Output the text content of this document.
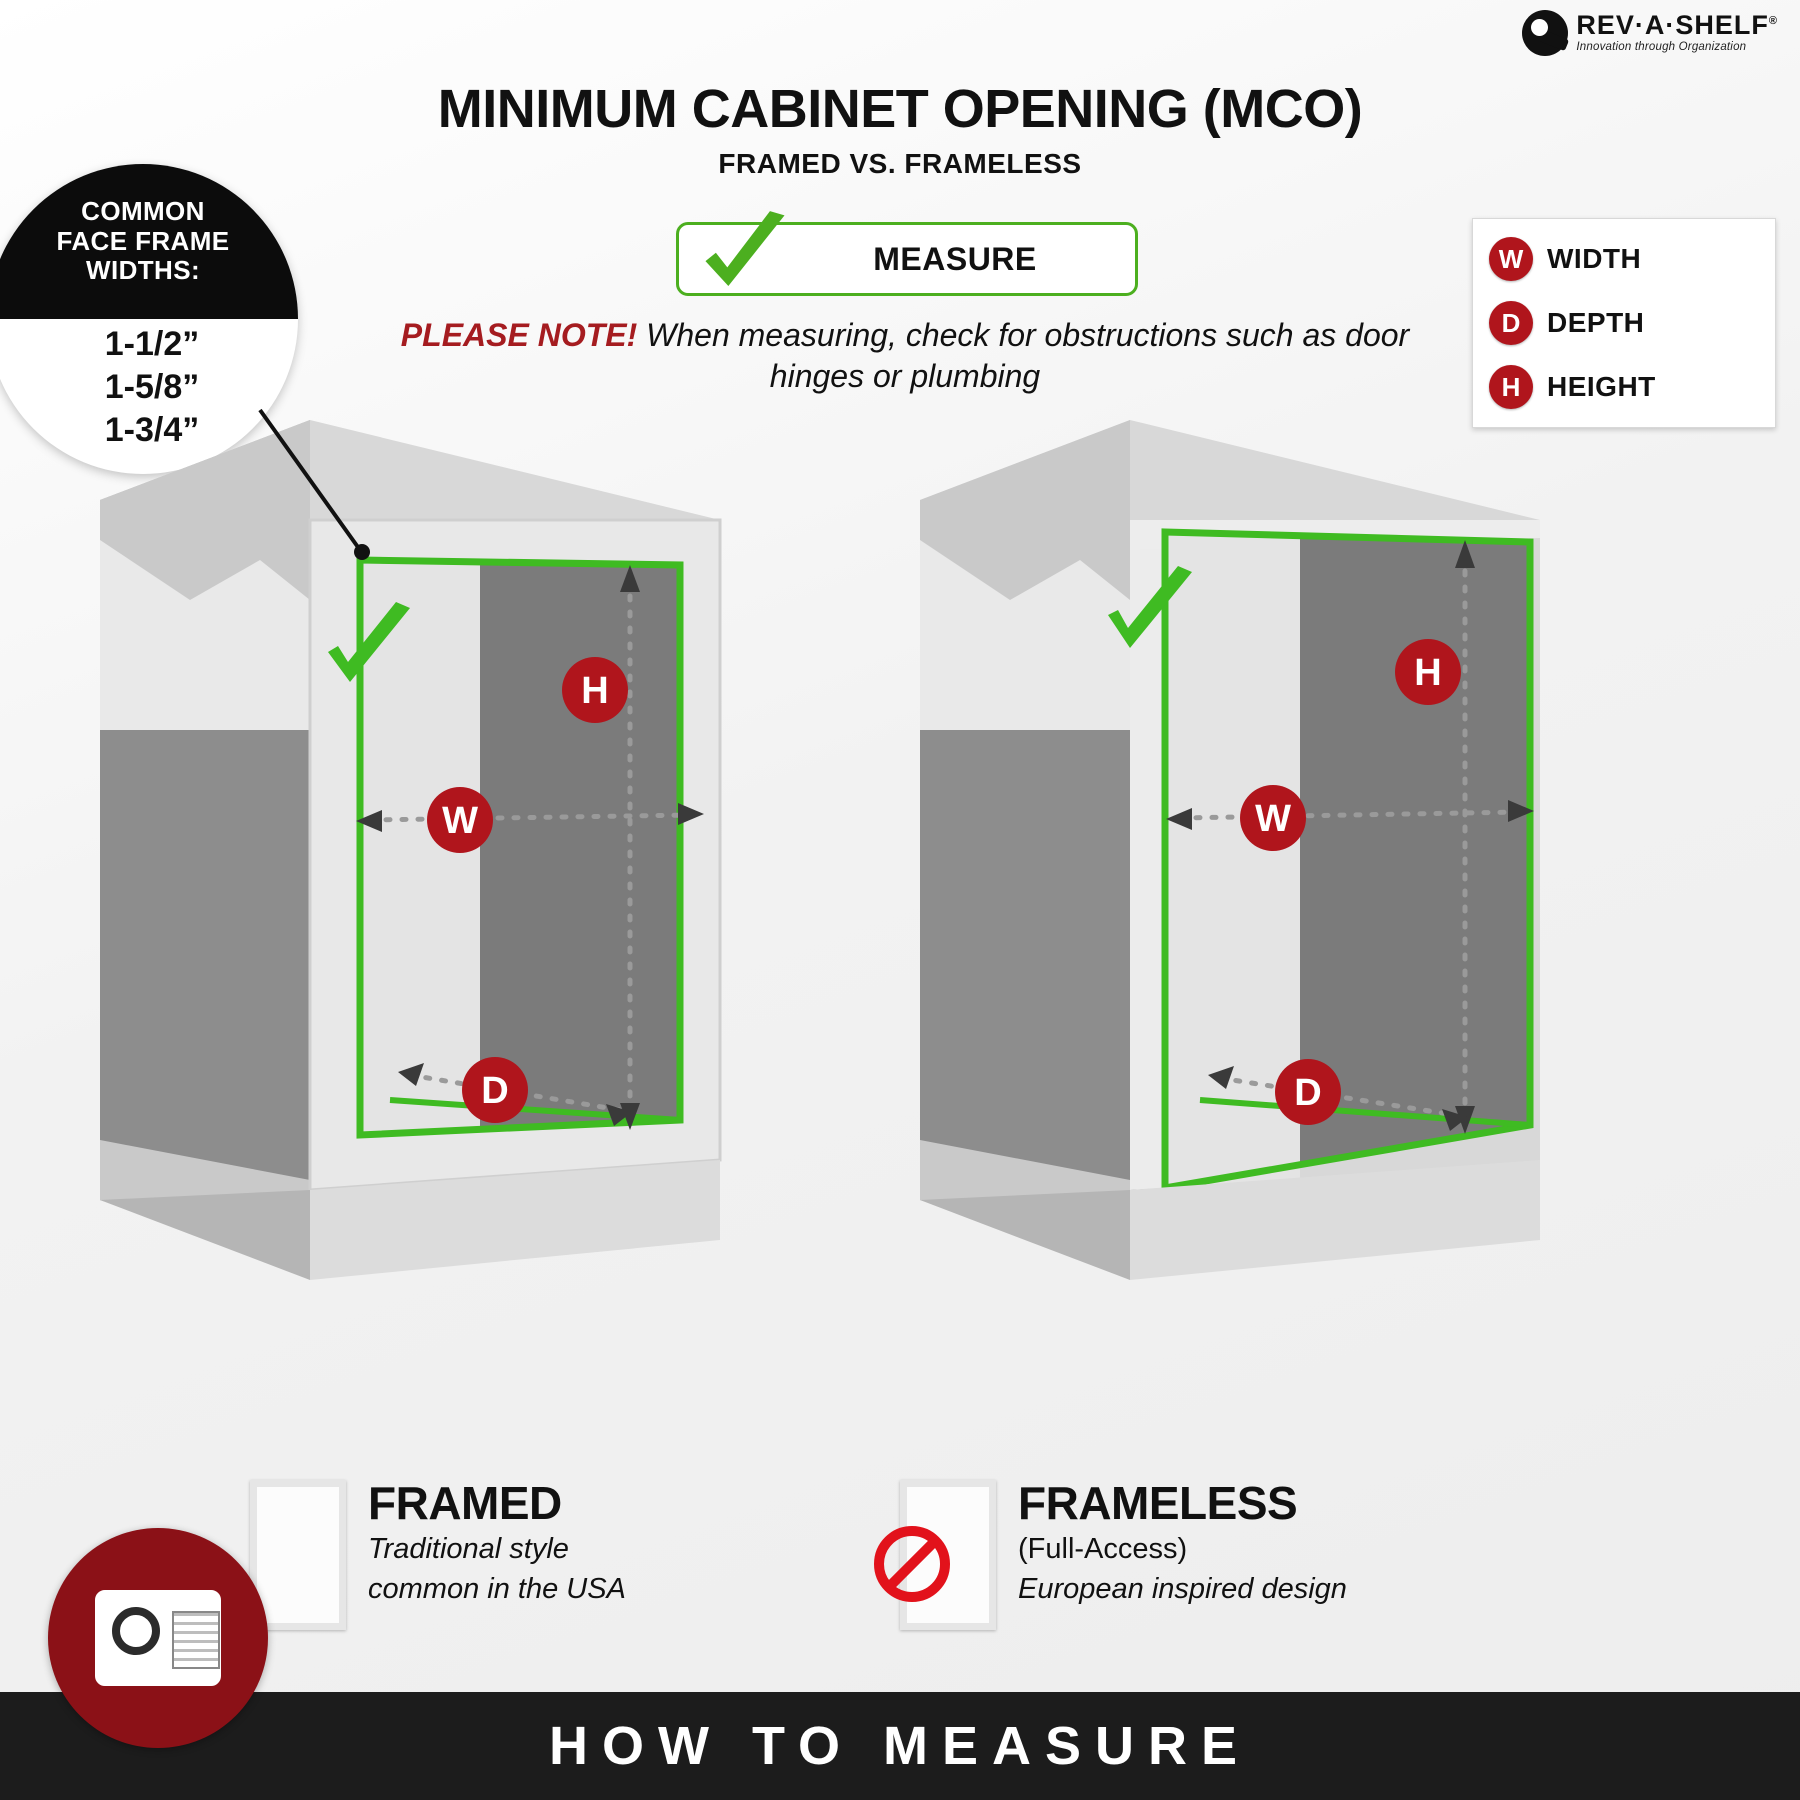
REV·A·SHELF®
Innovation through Organization
MINIMUM CABINET OPENING (MCO)
FRAMED VS. FRAMELESS
MEASURE
PLEASE NOTE! When measuring, check for obstructions such as door hinges or plumbing
W WIDTH
D DEPTH
H HEIGHT
COMMON
FACE FRAME
WIDTHS:
1-1/2”
1-5/8”
1-3/4”
H
W
D
H
W
D
FRAMED
Traditional style
common in the USA
FRAMELESS
(Full-Access)
European inspired design
HOW TO MEASURE
